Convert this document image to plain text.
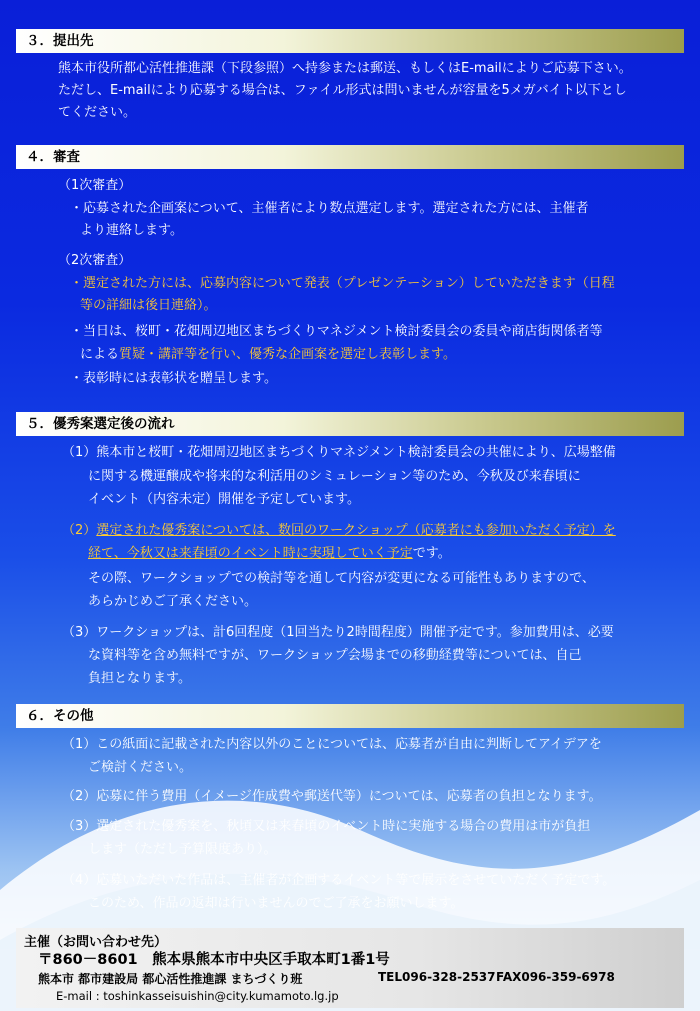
３．提出先
熊本市役所都心活性推進課（下段参照）へ持参または郵送、もしくはE-mailによりご応募下さい。
ただし、E-mailにより応募する場合は、ファイル形式は問いませんが容量を5メガバイト以下とし
てください。
４．審査
（1次審査）
・応募された企画案について、主催者により数点選定します。選定された方には、主催者
より連絡します。
（2次審査）
・選定された方には、応募内容について発表（プレゼンテーション）していただきます（日程
等の詳細は後日連絡）。
・当日は、桜町・花畑周辺地区まちづくりマネジメント検討委員会の委員や商店街関係者等
による質疑・講評等を行い、優秀な企画案を選定し表彰します。
・表彰時には表彰状を贈呈します。
５．優秀案選定後の流れ
（1）熊本市と桜町・花畑周辺地区まちづくりマネジメント検討委員会の共催により、広場整備
に関する機運醸成や将来的な利活用のシミュレーション等のため、今秋及び来春頃に
イベント（内容未定）開催を予定しています。
（2）選定された優秀案については、数回のワークショップ（応募者にも参加いただく予定）を
経て、今秋又は来春頃のイベント時に実現していく予定です。
その際、ワークショップでの検討等を通して内容が変更になる可能性もありますので、
あらかじめご了承ください。
（3）ワークショップは、計6回程度（1回当たり2時間程度）開催予定です。参加費用は、必要
な資料等を含め無料ですが、ワークショップ会場までの移動経費等については、自己
負担となります。
６．その他
（1）この紙面に記載された内容以外のことについては、応募者が自由に判断してアイデアを
ご検討ください。
（2）応募に伴う費用（イメージ作成費や郵送代等）については、応募者の負担となります。
（3）選定された優秀案を、秋頃又は来春頃のイベント時に実施する場合の費用は市が負担
します（ただし予算限度あり）。
（4）応募いただいた作品は、主催者が企画するイベント等で展示をさせていただく予定です。
このため、作品の返却は行いませんのでご了承をお願いします。
主催（お問い合わせ先）
〒860－8601　熊本県熊本市中央区手取本町1番1号
熊本市 都市建設局 都心活性推進課 まちづくり班	TEL096-328-2537 FAX096-359-6978
E-mail : toshinkasseisuishin@city.kumamoto.lg.jp
